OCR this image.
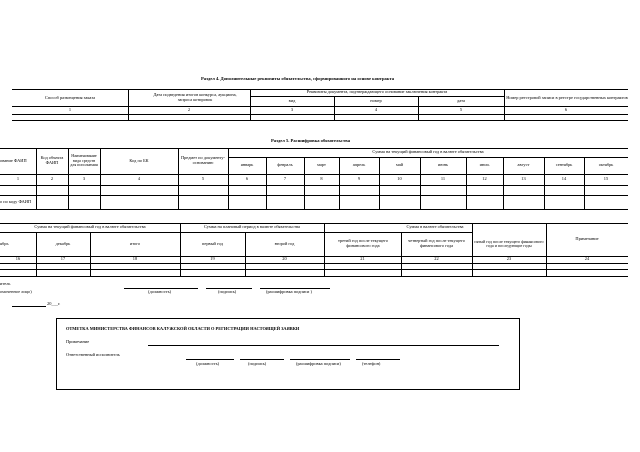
Раздел 4. Дополнительные реквизиты обязательства, сформированного на основе контракта
Способ размещения заказа	Дата подведения итогов конкурса, аукциона, запроса котировок
Реквизиты документа, подтверждающего основание заключения контракта
вид	номер	дата
Номер реестровой записи в реестре государственных контрактов
1	2	3	4	5	6
Раздел 5. Расшифровка обязательства
ование ФАИП	Код объекта ФАИП
Наименование вида средств для исполнения
Код по БК	Предмет по документу-основанию
Сумма на текущий финансовый год в валюте обязательства
январь	февраль	март	апрель	май	июнь	июль	август	сентябрь	октябрь
1	2	3	4	5	6	7	8	9	10	11	12	13	14	15
о по коду ФАИП
Сумма на текущий финансовый год в валюте обязательства	Сумма на плановый период в валюте обязательства	Сумма в валюте обязательства
ябрь	декабрь	итого	первый год	второй год	третий год после текущего финансового года
четвертый год после текущего финансового года
пятый год после текущего финансового года и последующие годы
Примечание
16	17	18	19	20	21	22	23	24
итель
омоченное лицо)	(должность)	(подпись)	(расшифровка подписи )
20___г.
ОТМЕТКА МИНИСТЕРСТВА ФИНАНСОВ КАЛУЖСКОЙ ОБЛАСТИ О РЕГИСТРАЦИИ НАСТОЯЩЕЙ ЗАЯВКИ
Примечание
Ответственный исполнитель
(должность)	(подпись)	(расшифровка подписи)	(телефон)
